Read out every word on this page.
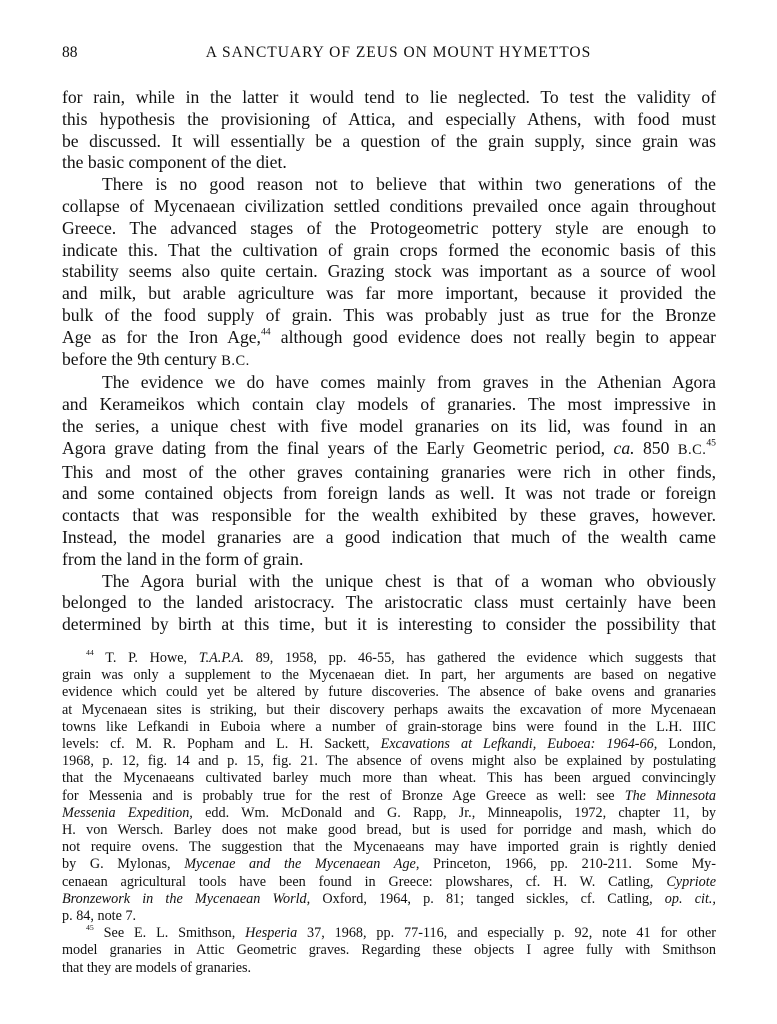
88	A SANCTUARY OF ZEUS ON MOUNT HYMETTOS
for rain, while in the latter it would tend to lie neglected. To test the validity of
this hypothesis the provisioning of Attica, and especially Athens, with food must
be discussed. It will essentially be a question of the grain supply, since grain was
the basic component of the diet.
There is no good reason not to believe that within two generations of the
collapse of Mycenaean civilization settled conditions prevailed once again throughout
Greece. The advanced stages of the Protogeometric pottery style are enough to
indicate this. That the cultivation of grain crops formed the economic basis of this
stability seems also quite certain. Grazing stock was important as a source of wool
and milk, but arable agriculture was far more important, because it provided the
bulk of the food supply of grain. This was probably just as true for the Bronze
Age as for the Iron Age,$^{44}$ although good evidence does not really begin to appear
before the 9th century B.C.
The evidence we do have comes mainly from graves in the Athenian Agora
and Kerameikos which contain clay models of granaries. The most impressive in
the series, a unique chest with five model granaries on its lid, was found in an
Agora grave dating from the final years of the Early Geometric period, ca. 850 B.C.$^{45}$
This and most of the other graves containing granaries were rich in other finds,
and some contained objects from foreign lands as well. It was not trade or foreign
contacts that was responsible for the wealth exhibited by these graves, however.
Instead, the model granaries are a good indication that much of the wealth came
from the land in the form of grain.
The Agora burial with the unique chest is that of a woman who obviously
belonged to the landed aristocracy. The aristocratic class must certainly have been
determined by birth at this time, but it is interesting to consider the possibility that
$^{44}$ T. P. Howe, T.A.P.A. 89, 1958, pp. 46-55, has gathered the evidence which suggests that
grain was only a supplement to the Mycenaean diet. In part, her arguments are based on negative
evidence which could yet be altered by future discoveries. The absence of bake ovens and granaries
at Mycenaean sites is striking, but their discovery perhaps awaits the excavation of more Mycenaean
towns like Lefkandi in Euboia where a number of grain-storage bins were found in the L.H. IIIC
levels: cf. M. R. Popham and L. H. Sackett, Excavations at Lefkandi, Euboea: 1964-66, London,
1968, p. 12, fig. 14 and p. 15, fig. 21. The absence of ovens might also be explained by postulating
that the Mycenaeans cultivated barley much more than wheat. This has been argued convincingly
for Messenia and is probably true for the rest of Bronze Age Greece as well: see The Minnesota
Messenia Expedition, edd. Wm. McDonald and G. Rapp, Jr., Minneapolis, 1972, chapter 11, by
H. von Wersch. Barley does not make good bread, but is used for porridge and mash, which do
not require ovens. The suggestion that the Mycenaeans may have imported grain is rightly denied
by G. Mylonas, Mycenae and the Mycenaean Age, Princeton, 1966, pp. 210-211. Some My-
cenaean agricultural tools have been found in Greece: plowshares, cf. H. W. Catling, Cypriote
Bronzework in the Mycenaean World, Oxford, 1964, p. 81; tanged sickles, cf. Catling, op. cit.,
p. 84, note 7.
$^{45}$ See E. L. Smithson, Hesperia 37, 1968, pp. 77-116, and especially p. 92, note 41 for other
model granaries in Attic Geometric graves. Regarding these objects I agree fully with Smithson
that they are models of granaries.
